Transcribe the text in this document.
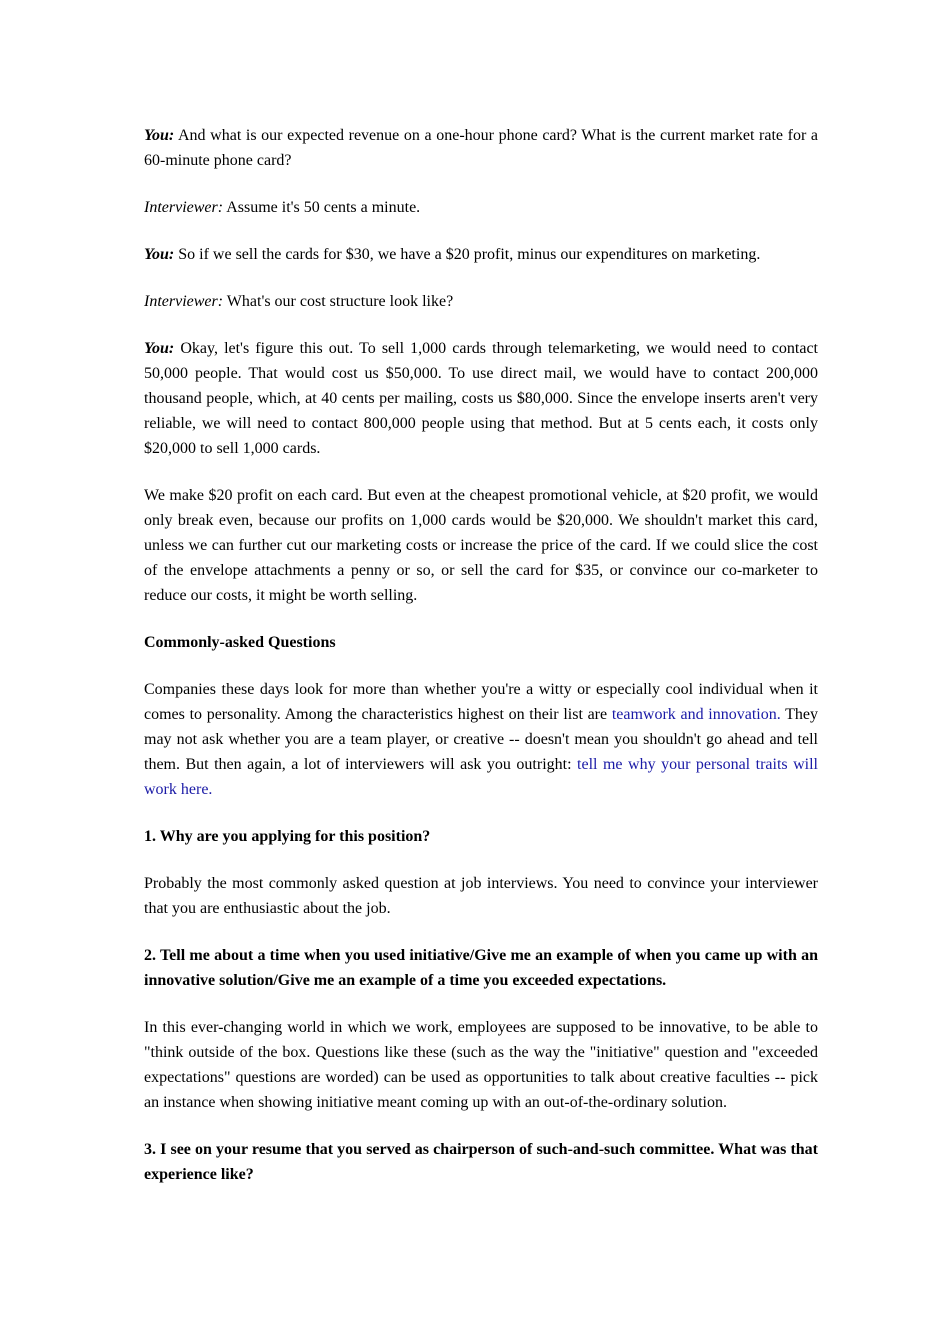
You: And what is our expected revenue on a one-hour phone card? What is the current market rate for a 60-minute phone card?

Interviewer: Assume it's 50 cents a minute.

You: So if we sell the cards for $30, we have a $20 profit, minus our expenditures on marketing.

Interviewer: What's our cost structure look like?

You: Okay, let's figure this out. To sell 1,000 cards through telemarketing, we would need to contact 50,000 people. That would cost us $50,000. To use direct mail, we would have to contact 200,000 thousand people, which, at 40 cents per mailing, costs us $80,000. Since the envelope inserts aren't very reliable, we will need to contact 800,000 people using that method. But at 5 cents each, it costs only $20,000 to sell 1,000 cards.

We make $20 profit on each card. But even at the cheapest promotional vehicle, at $20 profit, we would only break even, because our profits on 1,000 cards would be $20,000. We shouldn't market this card, unless we can further cut our marketing costs or increase the price of the card. If we could slice the cost of the envelope attachments a penny or so, or sell the card for $35, or convince our co-marketer to reduce our costs, it might be worth selling.

Commonly-asked Questions

Companies these days look for more than whether you're a witty or especially cool individual when it comes to personality. Among the characteristics highest on their list are teamwork and innovation. They may not ask whether you are a team player, or creative -- doesn't mean you shouldn't go ahead and tell them. But then again, a lot of interviewers will ask you outright: tell me why your personal traits will work here.

1. Why are you applying for this position?

Probably the most commonly asked question at job interviews. You need to convince your interviewer that you are enthusiastic about the job.

2. Tell me about a time when you used initiative/Give me an example of when you came up with an innovative solution/Give me an example of a time you exceeded expectations.

In this ever-changing world in which we work, employees are supposed to be innovative, to be able to "think outside of the box. Questions like these (such as the way the "initiative" question and "exceeded expectations" questions are worded) can be used as opportunities to talk about creative faculties -- pick an instance when showing initiative meant coming up with an out-of-the-ordinary solution.

3. I see on your resume that you served as chairperson of such-and-such committee. What was that experience like?
